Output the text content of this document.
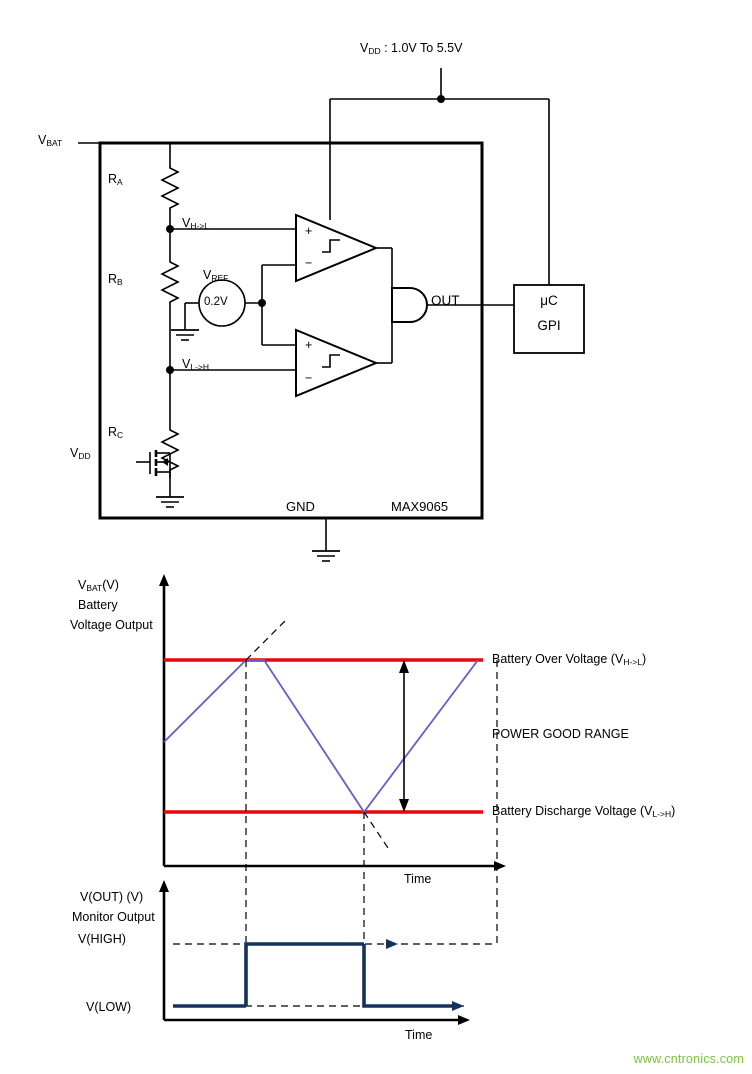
$V_{DD}$ : 1.0V To 5.5V
$V_{BAT}$
$R_A$
$R_B$
$R_C$
$V_{DD}$
$V_{H->L}$
$V_{L->H}$
$V_{REF}$
0.2V
+
−
+
−
OUT
GND	MAX9065
μC
GPI
$V_{BAT}(V)$
Battery
Voltage Output
Time
Battery Over Voltage $(V_{H->L})$
Battery Discharge Voltage $(V_{L->H})$
POWER GOOD RANGE
V(OUT) (V)
Monitor Output
V(HIGH)
V(LOW)
Time
www.cntronics.com
